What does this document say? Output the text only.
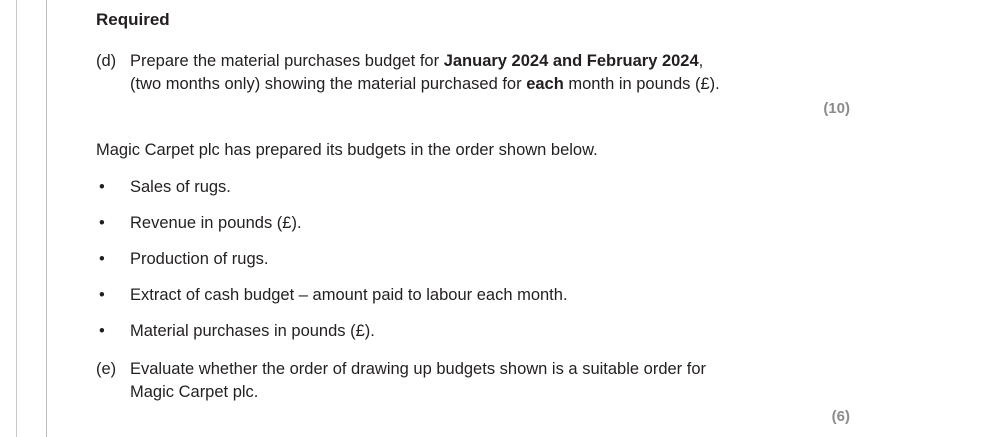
Required
(d) Prepare the material purchases budget for January 2024 and February 2024,
(two months only) showing the material purchased for each month in pounds (£).
(10)
Magic Carpet plc has prepared its budgets in the order shown below.
• Sales of rugs.
• Revenue in pounds (£).
• Production of rugs.
• Extract of cash budget – amount paid to labour each month.
• Material purchases in pounds (£).
(e) Evaluate whether the order of drawing up budgets shown is a suitable order for
Magic Carpet plc.
(6)
